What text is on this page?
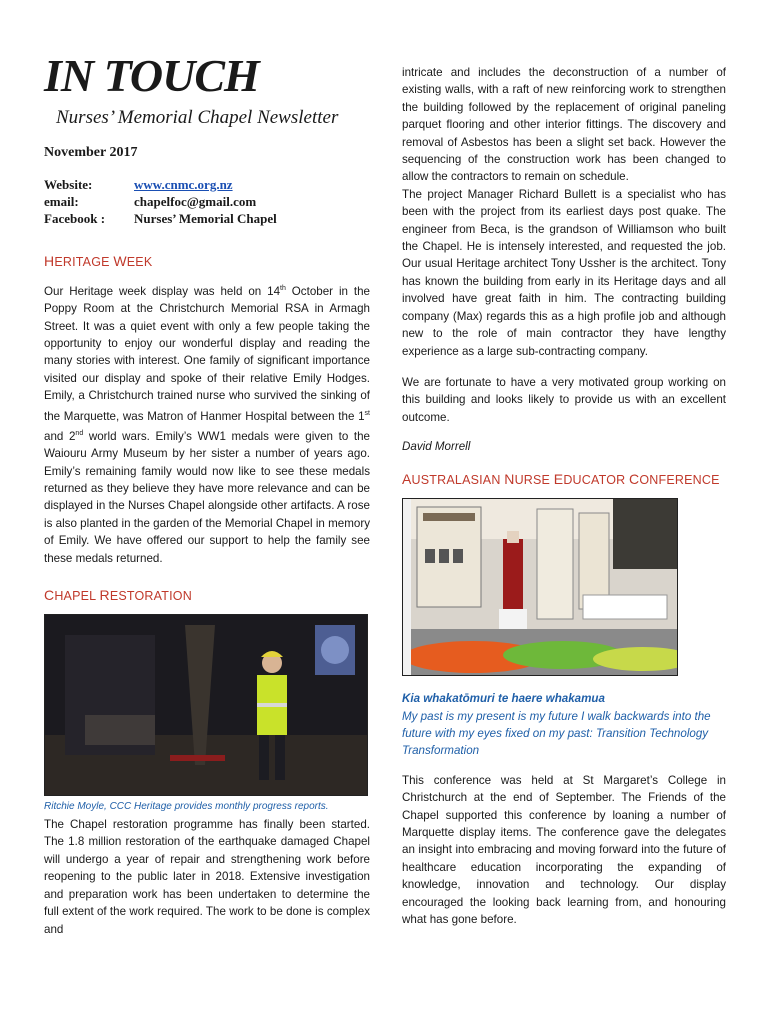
IN TOUCH
Nurses’ Memorial Chapel Newsletter
November 2017
Website:	www.cnmc.org.nz
email:	chapelfoc@gmail.com
Facebook :	Nurses’ Memorial Chapel
HERITAGE WEEK

Our Heritage week display was held on 14th October in the Poppy Room at the Christchurch Memorial RSA in Armagh Street. It was a quiet event with only a few people taking the opportunity to enjoy our wonderful display and reading the many stories with interest. One family of significant importance visited our display and spoke of their relative Emily Hodges. Emily, a Christchurch trained nurse who survived the sinking of the Marquette, was Matron of Hanmer Hospital between the 1st and 2nd world wars. Emily’s WW1 medals were given to the Waiouru Army Museum by her sister a number of years ago. Emily’s remaining family would now like to see these medals returned as they believe they have more relevance and can be displayed in the Nurses Chapel alongside other artifacts. A rose is also planted in the garden of the Memorial Chapel in memory of Emily. We have offered our support to help the family see these medals returned.

CHAPEL RESTORATION

Ritchie Moyle, CCC Heritage provides monthly progress reports.

The Chapel restoration programme has finally been started. The 1.8 million restoration of the earthquake damaged Chapel will undergo a year of repair and strengthening work before reopening to the public later in 2018. Extensive investigation and preparation work has been undertaken to determine the full extent of the work required. The work to be done is complex and

intricate and includes the deconstruction of a number of existing walls, with a raft of new reinforcing work to strengthen the building followed by the replacement of original paneling parquet flooring and other interior fittings. The discovery and removal of Asbestos has been a slight set back. However the sequencing of the construction work has been changed to allow the contractors to remain on schedule.

The project Manager Richard Bullett is a specialist who has been with the project from its earliest days post quake. The engineer from Beca, is the grandson of Williamson who built the Chapel. He is intensely interested, and requested the job. Our usual Heritage architect Tony Ussher is the architect. Tony has known the building from early in its Heritage days and all involved have great faith in him. The contracting building company (Max) regards this as a high profile job and although new to the role of main contractor they have lengthy experience as a large sub-contracting company.

We are fortunate to have a very motivated group working on this building and looks likely to provide us with an excellent outcome.

David Morrell

AUSTRALASIAN NURSE EDUCATOR CONFERENCE

Kia whakatōmuri te haere whakamua

My past is my present is my future I walk backwards into the future with my eyes fixed on my past: Transition Technology Transformation

This conference was held at St Margaret’s College in Christchurch at the end of September. The Friends of the Chapel supported this conference by loaning a number of Marquette display items. The conference gave the delegates an insight into embracing and moving forward into the future of healthcare education incorporating the expanding of knowledge, innovation and technology. Our display encouraged the looking back learning from, and honouring what has gone before.
